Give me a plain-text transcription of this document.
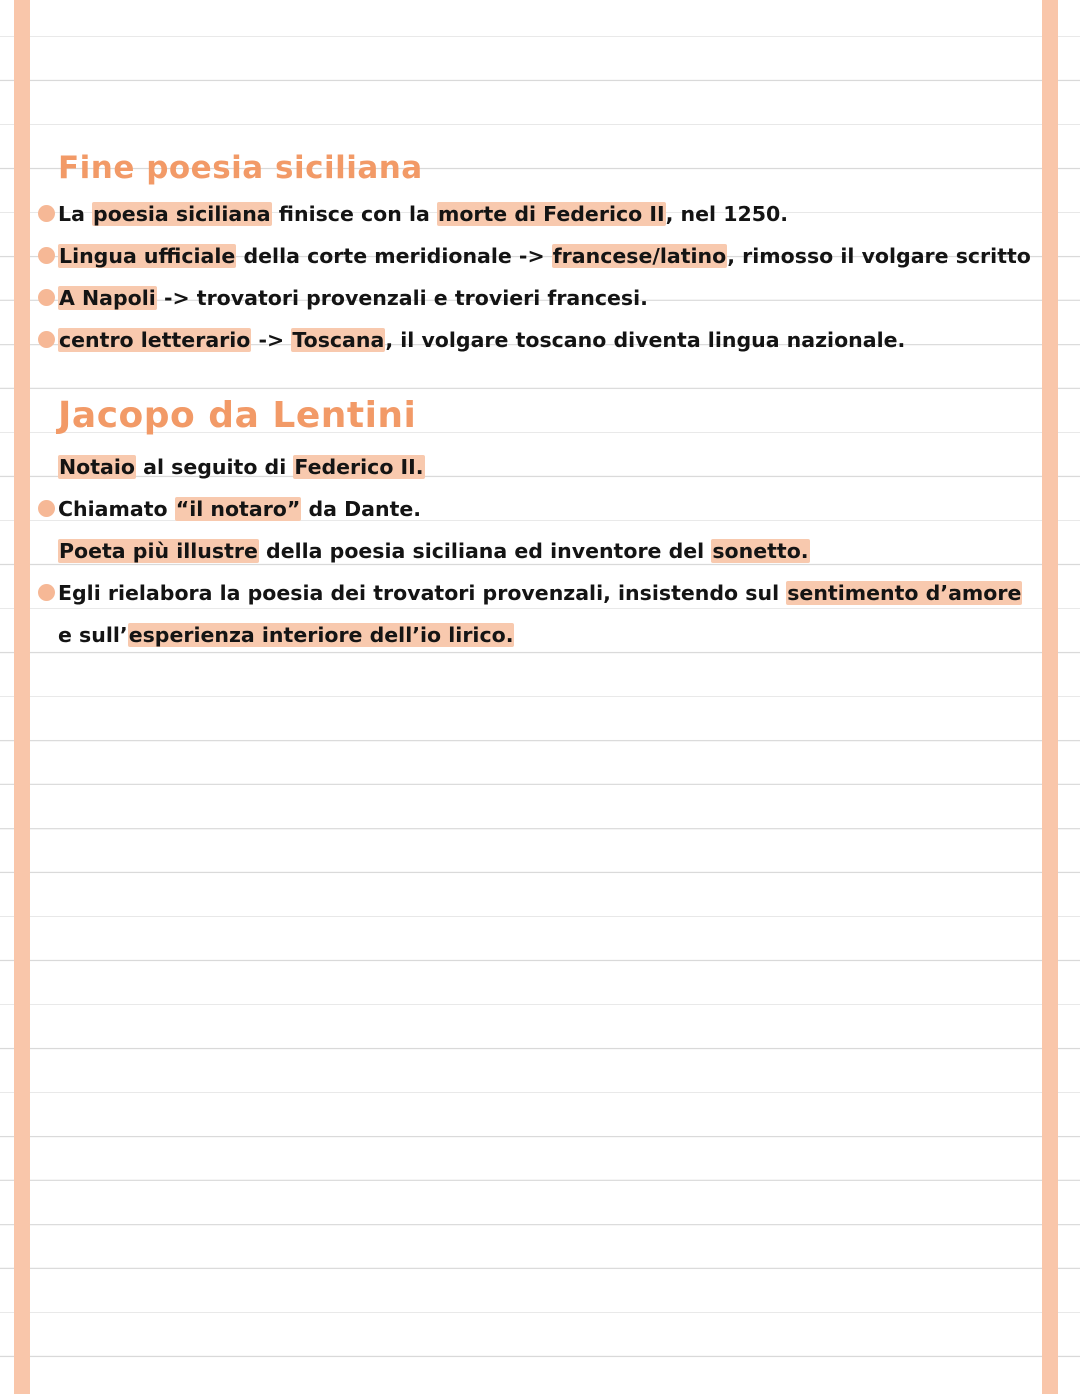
Fine poesia siciliana
La poesia siciliana finisce con la morte di Federico II, nel 1250.
Lingua ufficiale della corte meridionale -> francese/latino, rimosso il volgare scritto
A Napoli -> trovatori provenzali e trovieri francesi.
centro letterario -> Toscana, il volgare toscano diventa lingua nazionale.
Jacopo da Lentini
Notaio al seguito di Federico II.
Chiamato “il notaro” da Dante.
Poeta più illustre della poesia siciliana ed inventore del sonetto.
Egli rielabora la poesia dei trovatori provenzali, insistendo sul sentimento d’amore
e sull’esperienza interiore dell’io lirico.
